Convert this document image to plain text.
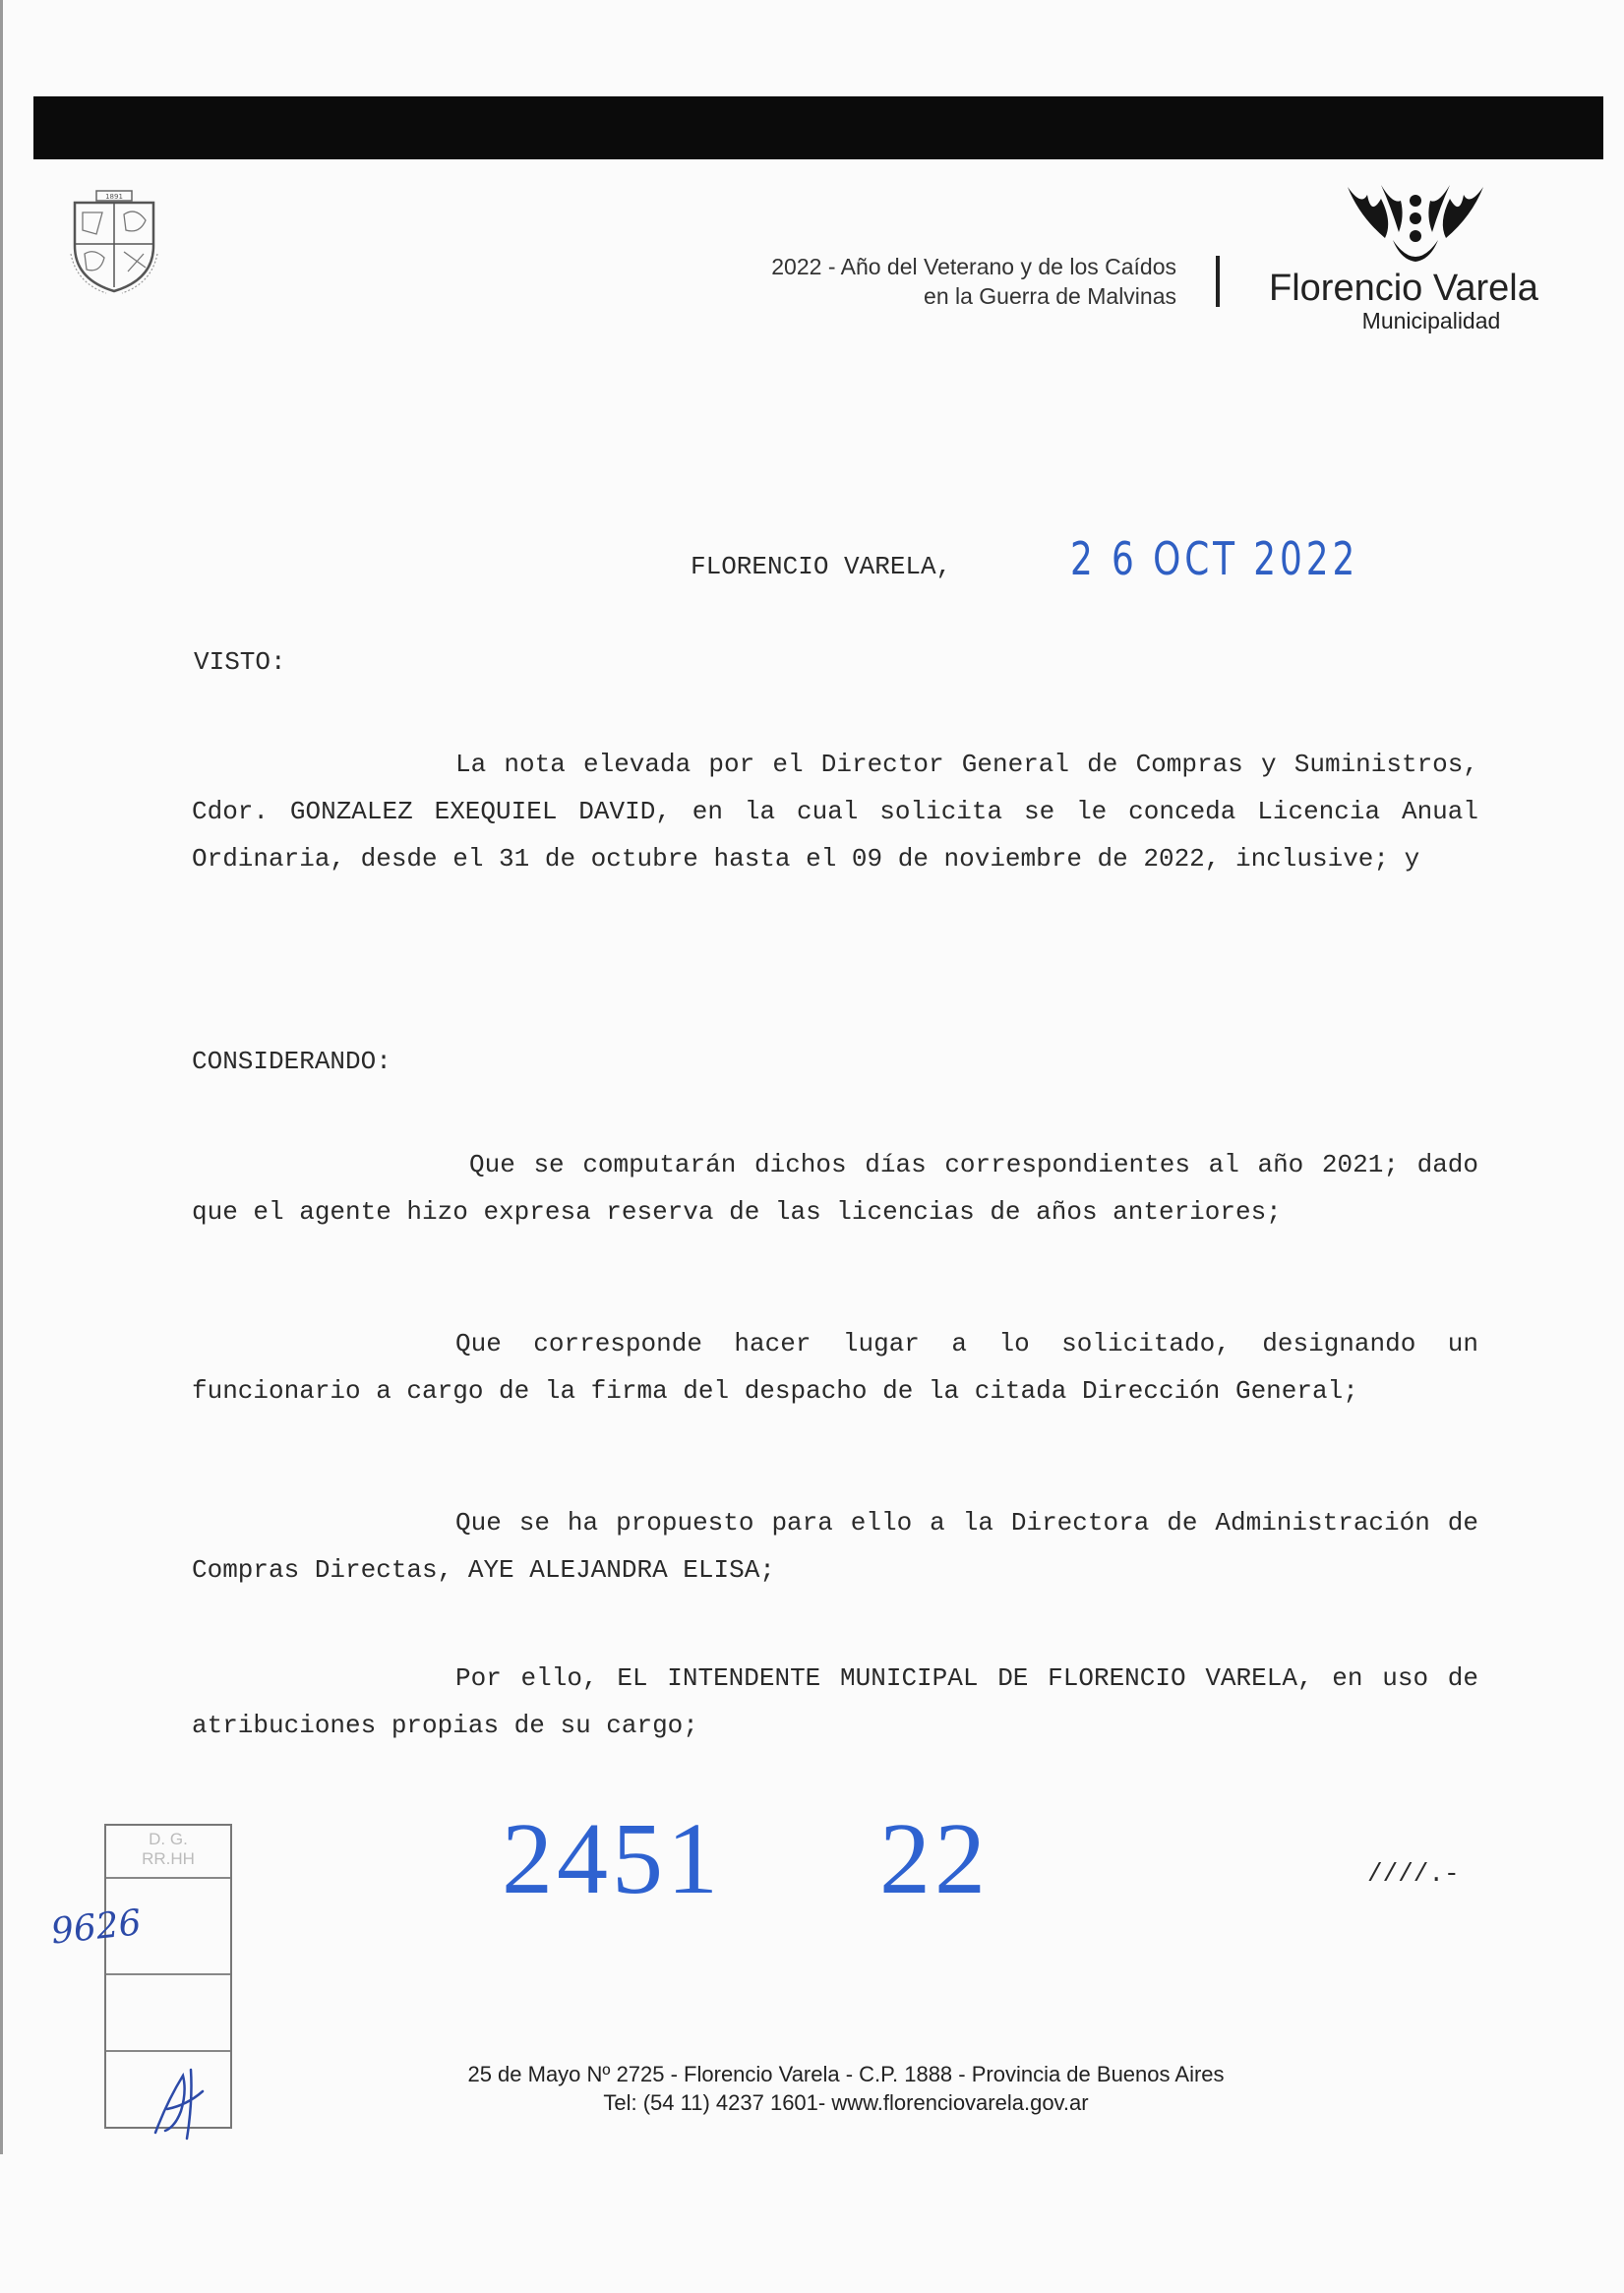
1891
2022 - Año del Veterano y de los Caídos
en la Guerra de Malvinas Florencio Varela
Municipalidad
FLORENCIO VARELA,	2 6 OCT 2022
VISTO:
La nota elevada por el Director General de Compras y Suministros, Cdor. GONZALEZ EXEQUIEL DAVID, en la cual solicita se le conceda Licencia Anual Ordinaria, desde el 31 de octubre hasta el 09 de noviembre de 2022, inclusive; y
CONSIDERANDO:
Que se computarán dichos días correspondientes al año 2021; dado que el agente hizo expresa reserva de las licencias de años anteriores;
Que corresponde hacer lugar a lo solicitado, designando un funcionario a cargo de la firma del despacho de la citada Dirección General;
Que se ha propuesto para ello a la Directora de Administración de Compras Directas, AYE ALEJANDRA ELISA;
Por ello, EL INTENDENTE MUNICIPAL DE FLORENCIO VARELA, en uso de atribuciones propias de su cargo;
2451 22	////.-
D. G.
RR.HH
9626
25 de Mayo Nº 2725 - Florencio Varela - C.P. 1888 - Provincia de Buenos Aires
Tel: (54 11) 4237 1601- www.florenciovarela.gov.ar
